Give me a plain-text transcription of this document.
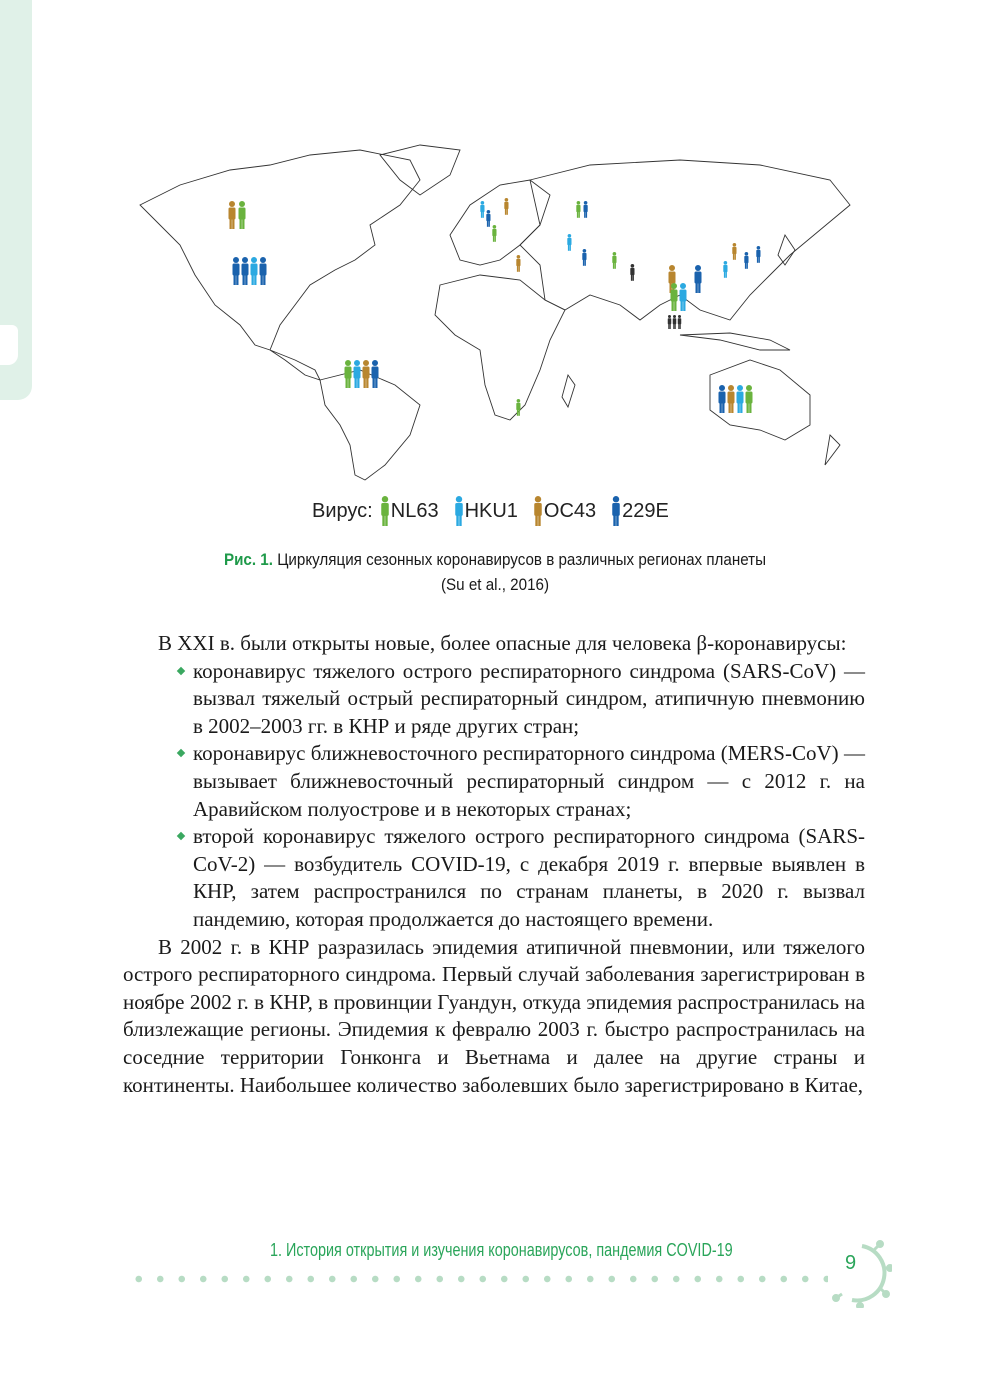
Вирус: NL63 HKU1 OC43 229E
Рис. 1. Циркуляция сезонных коронавирусов в различных регионах планеты
(Su et al., 2016)

В XXI в. были открыты новые, более опасные для человека β-коронавирусы:

коронавирус тяжелого острого респираторного синдрома (SARS-CoV) — вызвал тяжелый острый респираторный синдром, атипичную пневмонию в 2002–2003 гг. в КНР и ряде других стран;
коронавирус ближневосточного респираторного синдрома (MERS-CoV) — вызывает ближневосточный респираторный синдром — с 2012 г. на Аравийском полуострове и в некоторых странах;
второй коронавирус тяжелого острого респираторного синдрома (SARS-CoV-2) — возбудитель COVID-19, с декабря 2019 г. впервые выявлен в КНР, затем распространился по странам планеты, в 2020 г. вызвал пандемию, которая продолжается до настоящего времени.

В 2002 г. в КНР разразилась эпидемия атипичной пневмонии, или тяжелого острого респираторного синдрома. Первый случай заболевания зарегистрирован в ноябре 2002 г. в КНР, в провинции Гуандун, откуда эпидемия распространилась на близлежащие регионы. Эпидемия к февралю 2003 г. быстро распространилась на соседние территории Гонконга и Вьетнама и далее на другие страны и континенты. Наибольшее количество заболевших было зарегистрировано в Китае,

1. История открытия и изучения коронавирусов, пандемия COVID-19
9
